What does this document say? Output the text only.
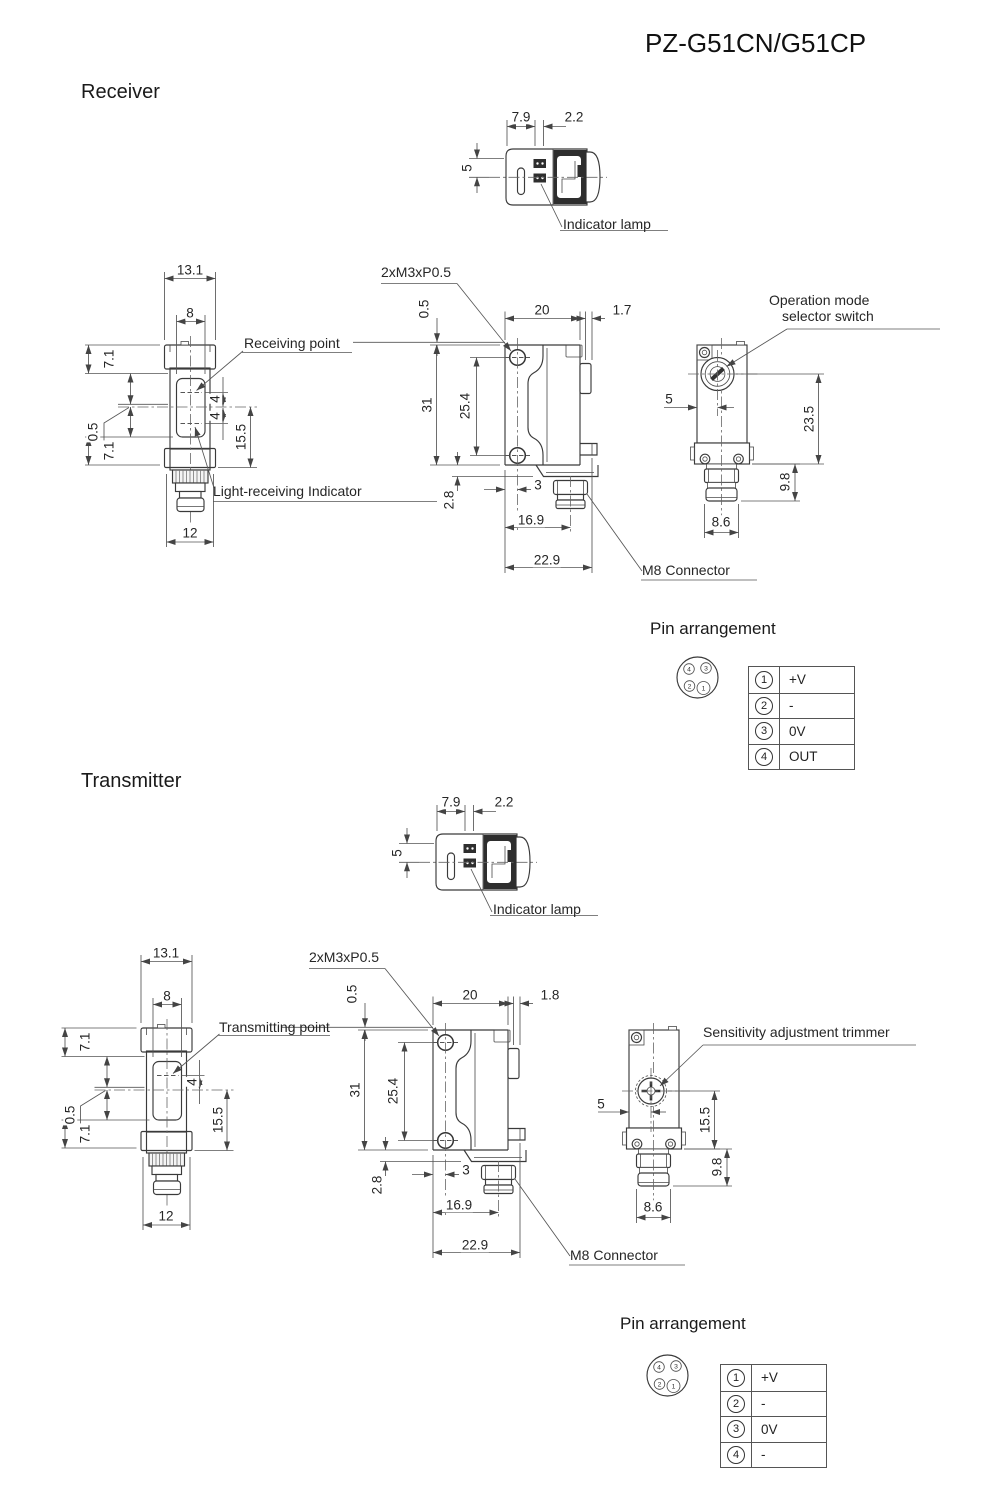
4 3
2 1
4 3
2 1
PZ-G51CN/G51CP
Receiver
Transmitter
7.9	2.2
5
Indicator lamp
13.1
8
7.1
0.5
7.1
4
4
15.5
12
Receiving point
Light-receiving Indicator
2xM3xP0.5
0.5	20	1.7
31 25.4
2.8
3
16.9
22.9
M8 Connector
Operation mode
selector switch
5
23.5
9.8
8.6
Pin arrangement
1	+V
2	-
3	0V
4	OUT
7.9	2.2
5
Indicator lamp
13.1
8
7.1
0.5
7.1
4
15.5
12
Transmitting point
2xM3xP0.5
0.5	20	1.8
31 25.4
2.8
3
16.9
22.9
M8 Connector
Sensitivity adjustment trimmer
5
15.5
9.8
8.6
Pin arrangement
1	+V
2	-
3	0V
4	-
